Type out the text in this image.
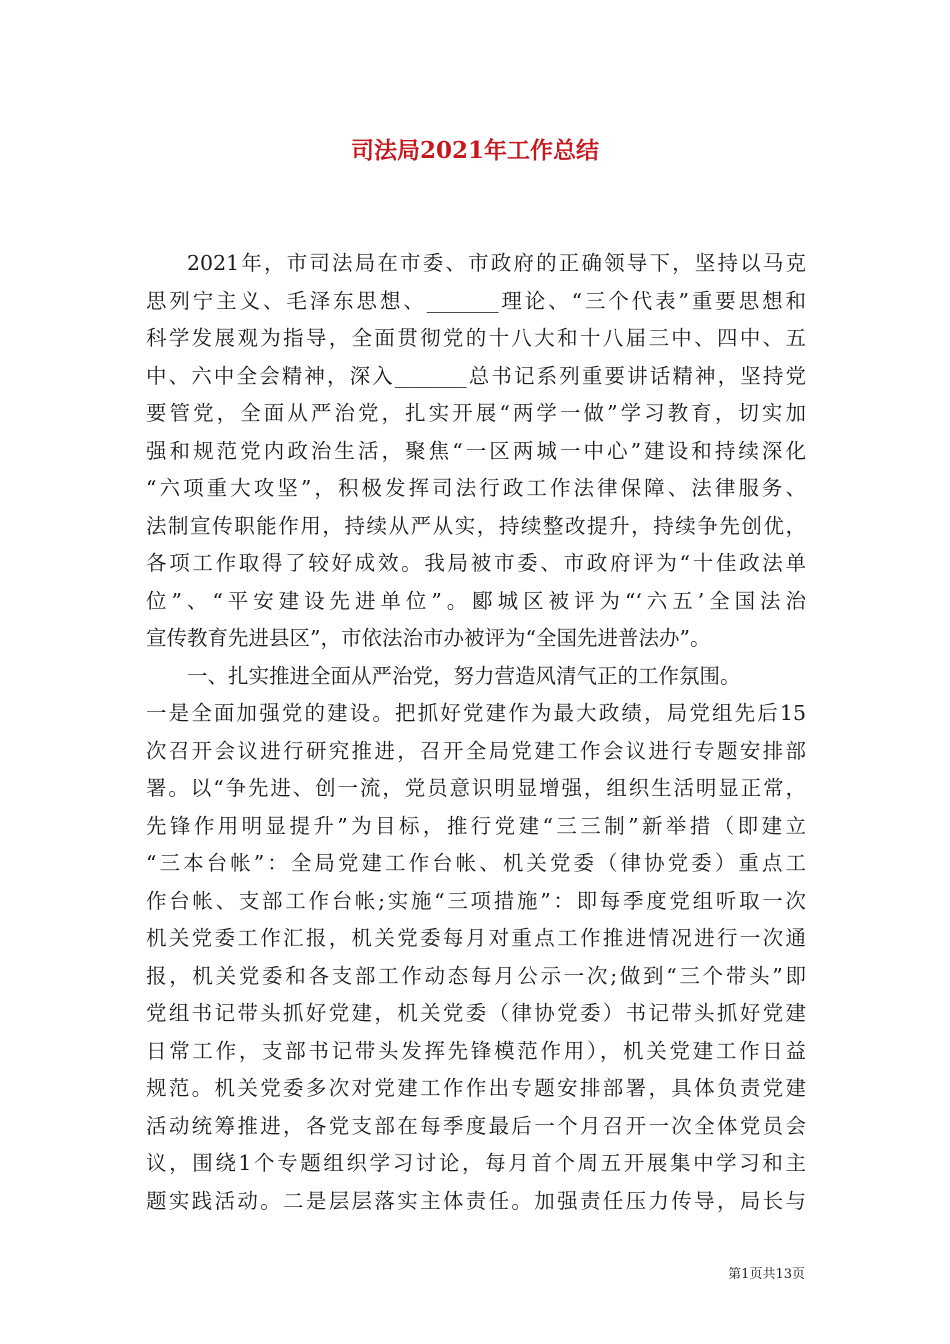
司法局2021年工作总结
2021年，市司法局在市委、市政府的正确领导下，坚持以马克
思列宁主义、毛泽东思想、_______理论、“三个代表”重要思想和
科学发展观为指导，全面贯彻党的十八大和十八届三中、四中、五
中、六中全会精神，深入_______总书记系列重要讲话精神，坚持党
要管党，全面从严治党，扎实开展“两学一做”学习教育，切实加
强和规范党内政治生活，聚焦“一区两城一中心”建设和持续深化
“六项重大攻坚”，积极发挥司法行政工作法律保障、法律服务、
法制宣传职能作用，持续从严从实，持续整改提升，持续争先创优，
各项工作取得了较好成效。我局被市委、市政府评为“十佳政法单
位”、“平安建设先进单位”。郾城区被评为“‘六五’全国法治
宣传教育先进县区”，市依法治市办被评为“全国先进普法办”。
一、扎实推进全面从严治党，努力营造风清气正的工作氛围。
一是全面加强党的建设。把抓好党建作为最大政绩，局党组先后15
次召开会议进行研究推进，召开全局党建工作会议进行专题安排部
署。以“争先进、创一流，党员意识明显增强，组织生活明显正常，
先锋作用明显提升”为目标，推行党建“三三制”新举措（即建立
“三本台帐”：全局党建工作台帐、机关党委（律协党委）重点工
作台帐、支部工作台帐;实施“三项措施”：即每季度党组听取一次
机关党委工作汇报，机关党委每月对重点工作推进情况进行一次通
报，机关党委和各支部工作动态每月公示一次;做到“三个带头”即
党组书记带头抓好党建，机关党委（律协党委）书记带头抓好党建
日常工作，支部书记带头发挥先锋模范作用），机关党建工作日益
规范。机关党委多次对党建工作作出专题安排部署，具体负责党建
活动统筹推进，各党支部在每季度最后一个月召开一次全体党员会
议，围绕1个专题组织学习讨论，每月首个周五开展集中学习和主
题实践活动。二是层层落实主体责任。加强责任压力传导，局长与
第1页共13页
